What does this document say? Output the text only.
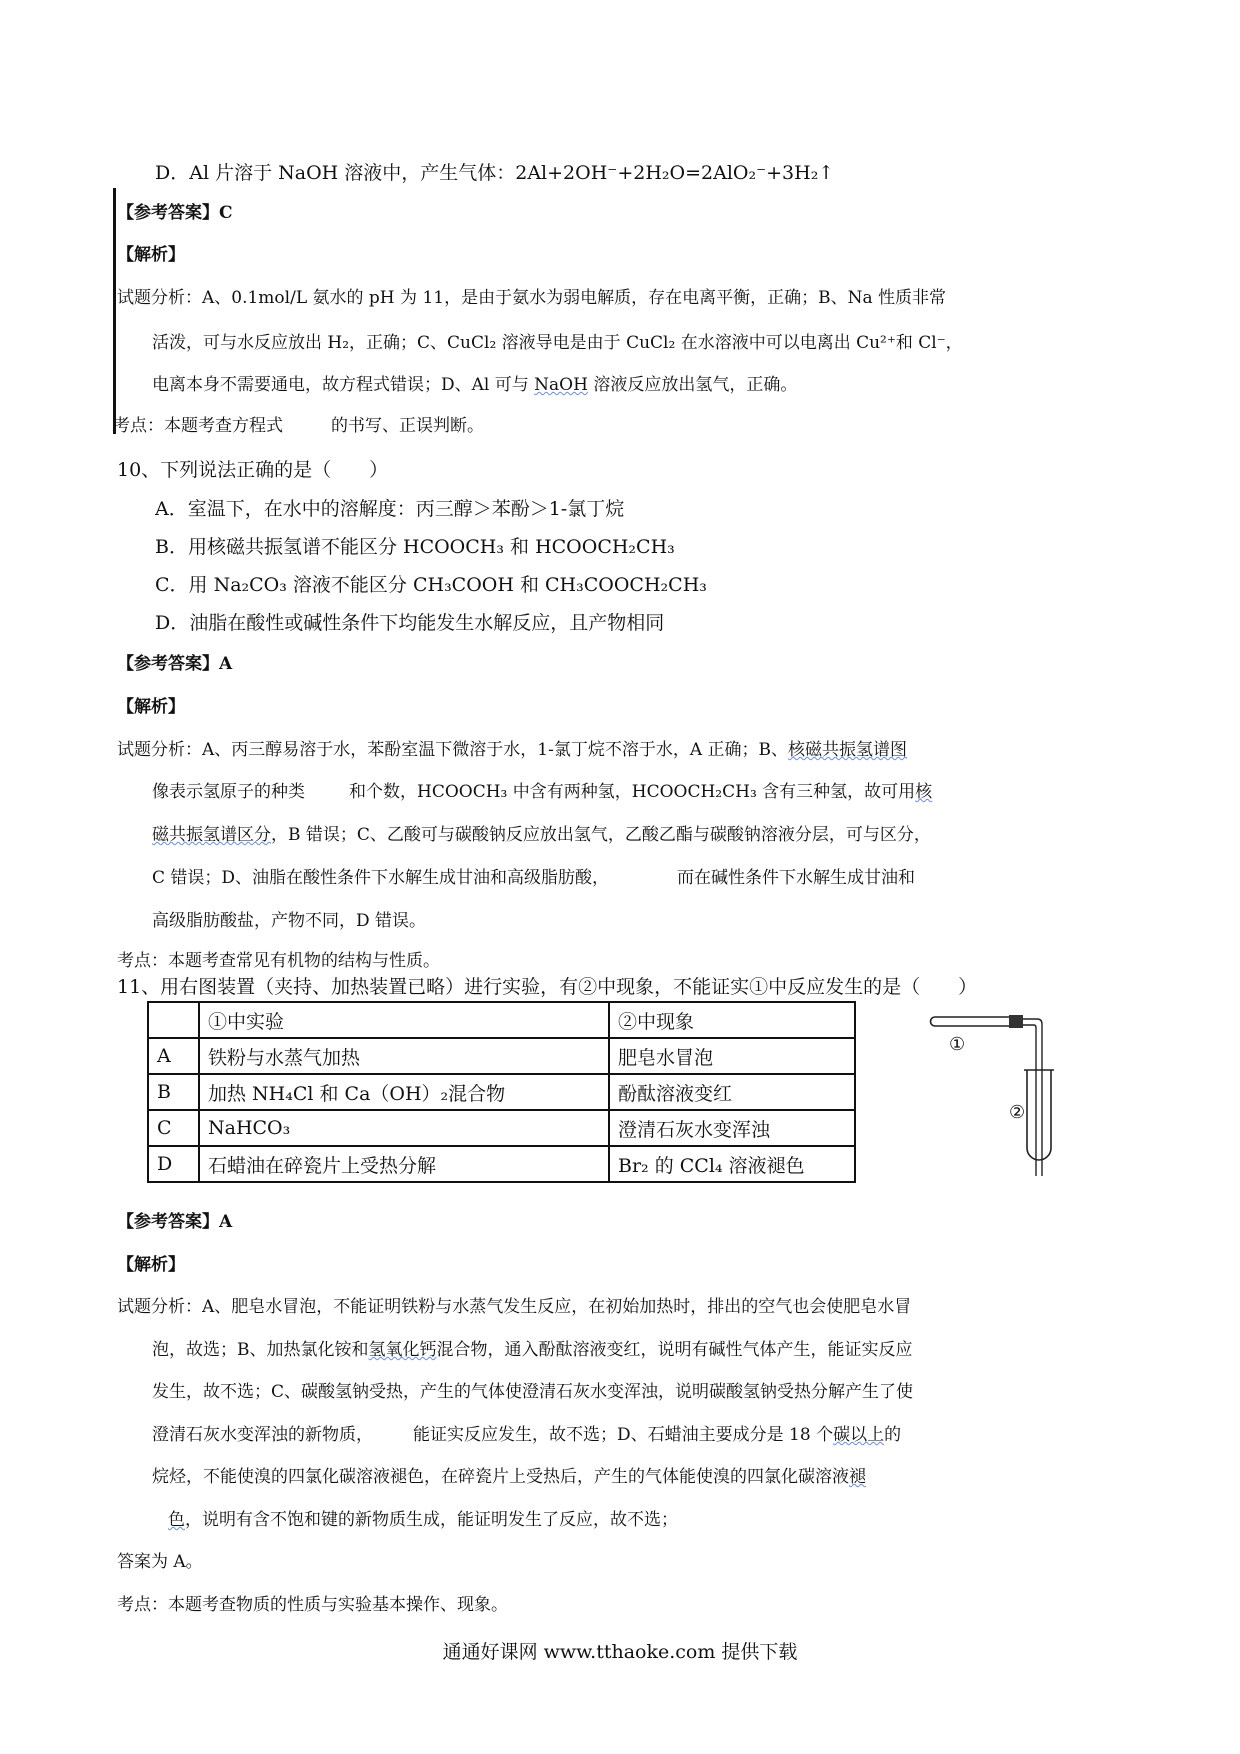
D．Al 片溶于 NaOH 溶液中，产生气体：2Al+2OH⁻+2H₂O=2AlO₂⁻+3H₂↑
【参考答案】C
【解析】
试题分析：A、0.1mol/L 氨水的 pH 为 11，是由于氨水为弱电解质，存在电离平衡，正确；B、Na 性质非常
活泼，可与水反应放出 H₂，正确；C、CuCl₂ 溶液导电是由于 CuCl₂ 在水溶液中可以电离出 Cu²⁺和 Cl⁻，
电离本身不需要通电，故方程式错误；D、Al 可与 NaOH 溶液反应放出氢气，正确。
考点：本题考查方程式	的书写、正误判断。
10、下列说法正确的是（　　）
A．室温下，在水中的溶解度：丙三醇＞苯酚＞1-氯丁烷
B．用核磁共振氢谱不能区分 HCOOCH₃ 和 HCOOCH₂CH₃
C．用 Na₂CO₃ 溶液不能区分 CH₃COOH 和 CH₃COOCH₂CH₃
D．油脂在酸性或碱性条件下均能发生水解反应，且产物相同
【参考答案】A
【解析】
试题分析：A、丙三醇易溶于水，苯酚室温下微溶于水，1-氯丁烷不溶于水，A 正确；B、核磁共振氢谱图
像表示氢原子的种类	和个数，HCOOCH₃ 中含有两种氢，HCOOCH₂CH₃ 含有三种氢，故可用核
磁共振氢谱区分，B 错误；C、乙酸可与碳酸钠反应放出氢气，乙酸乙酯与碳酸钠溶液分层，可与区分，
C 错误；D、油脂在酸性条件下水解生成甘油和高级脂肪酸，	而在碱性条件下水解生成甘油和
高级脂肪酸盐，产物不同，D 错误。
考点：本题考查常见有机物的结构与性质。
11、用右图装置（夹持、加热装置已略）进行实验，有②中现象，不能证实①中反应发生的是（　　）
	①中实验	②中现象
A	铁粉与水蒸气加热	肥皂水冒泡
B	加热 NH₄Cl 和 Ca（OH）₂混合物	酚酞溶液变红
C	NaHCO₃	澄清石灰水变浑浊
D	石蜡油在碎瓷片上受热分解	Br₂ 的 CCl₄ 溶液褪色
①
②
【参考答案】A
【解析】
试题分析：A、肥皂水冒泡，不能证明铁粉与水蒸气发生反应，在初始加热时，排出的空气也会使肥皂水冒
泡，故选；B、加热氯化铵和氢氧化钙混合物，通入酚酞溶液变红，说明有碱性气体产生，能证实反应
发生，故不选；C、碳酸氢钠受热，产生的气体使澄清石灰水变浑浊，说明碳酸氢钠受热分解产生了使
澄清石灰水变浑浊的新物质， 能证实反应发生，故不选；D、石蜡油主要成分是 18 个碳以上的
烷烃，不能使溴的四氯化碳溶液褪色，在碎瓷片上受热后，产生的气体能使溴的四氯化碳溶液褪
色，说明有含不饱和键的新物质生成，能证明发生了反应，故不选；
答案为 A。
考点：本题考查物质的性质与实验基本操作、现象。
通通好课网 www.tthaoke.com 提供下载
